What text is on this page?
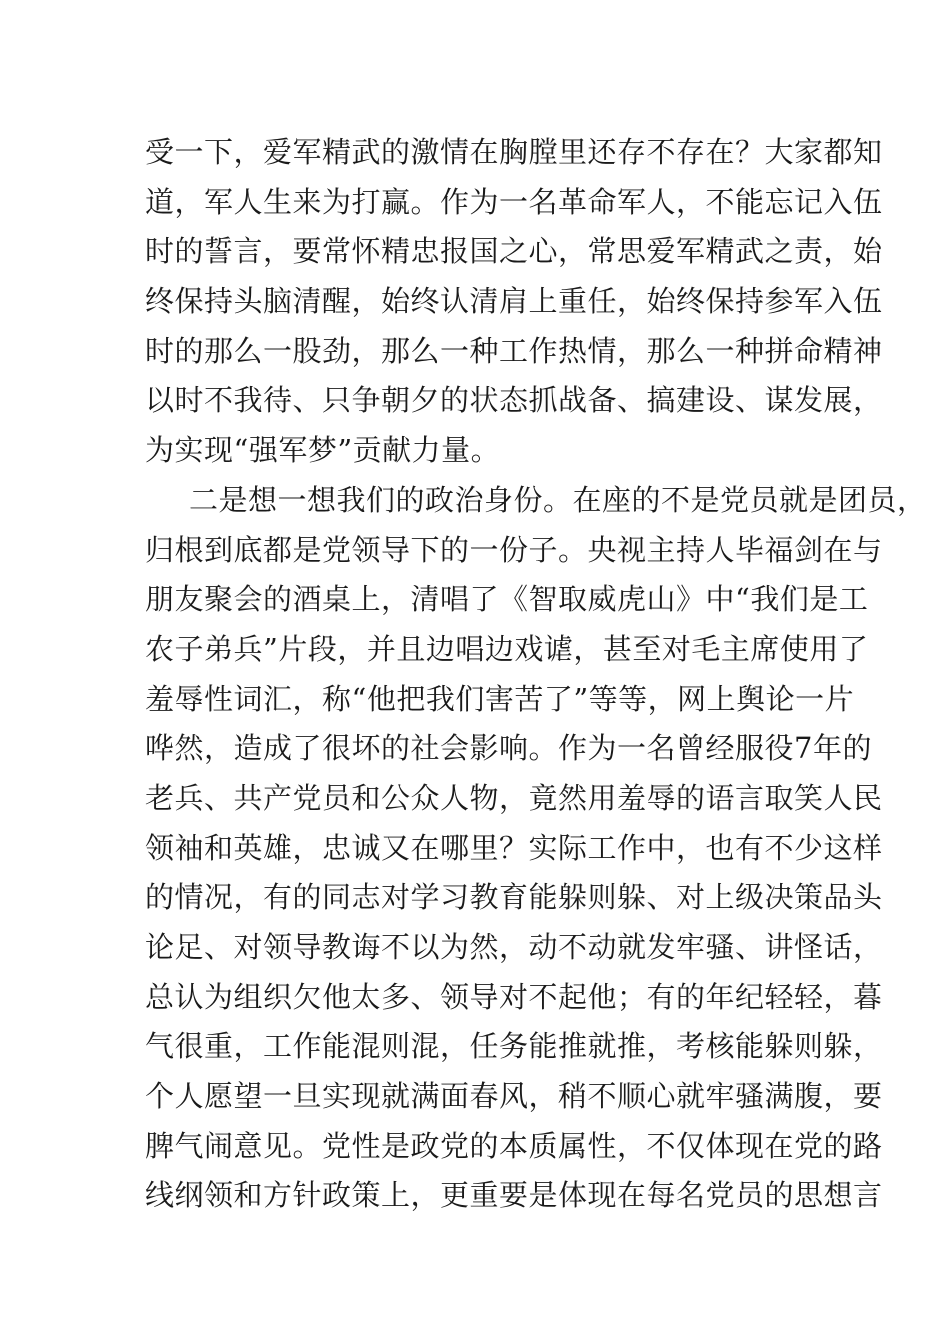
受一下，爱军精武的激情在胸膛里还存不存在？大家都知
道，军人生来为打赢。作为一名革命军人，不能忘记入伍
时的誓言，要常怀精忠报国之心，常思爱军精武之责，始
终保持头脑清醒，始终认清肩上重任，始终保持参军入伍
时的那么一股劲，那么一种工作热情，那么一种拼命精神
以时不我待、只争朝夕的状态抓战备、搞建设、谋发展，
为实现“强军梦”贡献力量。
二是想一想我们的政治身份。在座的不是党员就是团员，
归根到底都是党领导下的一份子。央视主持人毕福剑在与
朋友聚会的酒桌上，清唱了《智取威虎山》中“我们是工
农子弟兵”片段，并且边唱边戏谑，甚至对毛主席使用了
羞辱性词汇，称“他把我们害苦了”等等，网上舆论一片
哗然，造成了很坏的社会影响。作为一名曾经服役7年的
老兵、共产党员和公众人物，竟然用羞辱的语言取笑人民
领袖和英雄，忠诚又在哪里？实际工作中，也有不少这样
的情况，有的同志对学习教育能躲则躲、对上级决策品头
论足、对领导教诲不以为然，动不动就发牢骚、讲怪话，
总认为组织欠他太多、领导对不起他；有的年纪轻轻，暮
气很重，工作能混则混，任务能推就推，考核能躲则躲，
个人愿望一旦实现就满面春风，稍不顺心就牢骚满腹，要
脾气闹意见。党性是政党的本质属性，不仅体现在党的路
线纲领和方针政策上，更重要是体现在每名党员的思想言
